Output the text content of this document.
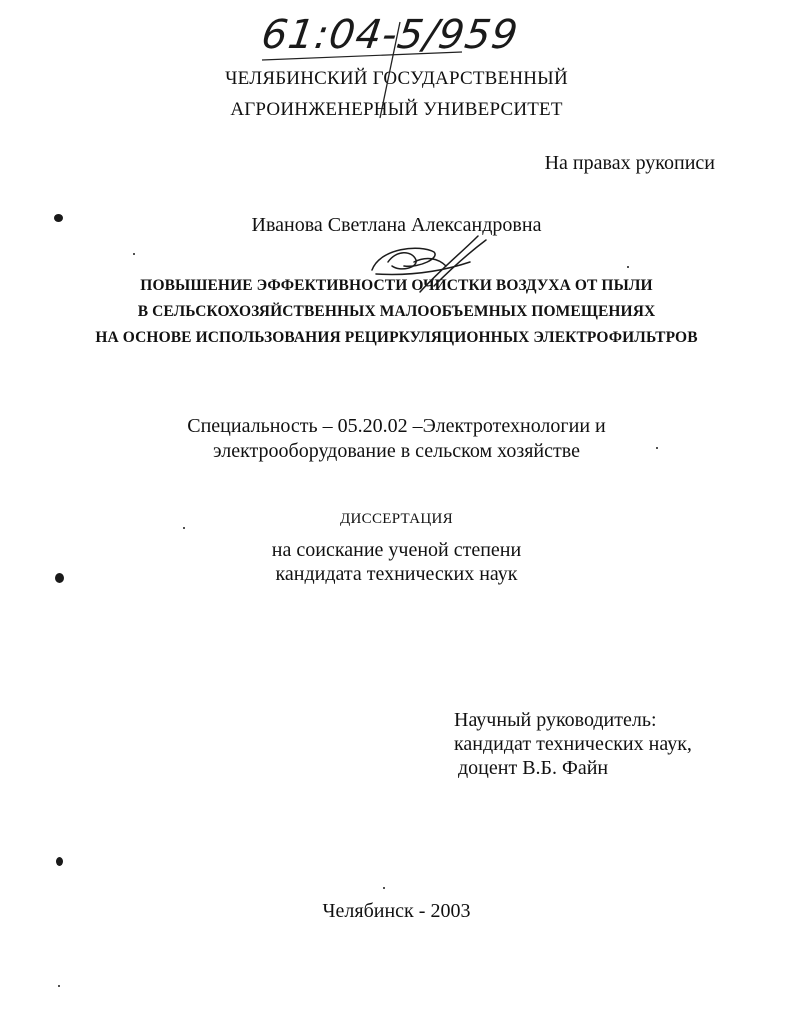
61:04-5/959
ЧЕЛЯБИНСКИЙ ГОСУДАРСТВЕННЫЙ
АГРОИНЖЕНЕРНЫЙ УНИВЕРСИТЕТ
На правах рукописи
Иванова Светлана Александровна
ПОВЫШЕНИЕ ЭФФЕКТИВНОСТИ ОЧИСТКИ ВОЗДУХА ОТ ПЫЛИ
В СЕЛЬСКОХОЗЯЙСТВЕННЫХ МАЛООБЪЕМНЫХ ПОМЕЩЕНИЯХ
НА ОСНОВЕ ИСПОЛЬЗОВАНИЯ РЕЦИРКУЛЯЦИОННЫХ ЭЛЕКТРОФИЛЬТРОВ
Специальность – 05.20.02 –Электротехнологии и
электрооборудование в сельском хозяйстве
ДИССЕРТАЦИЯ
на соискание ученой степени
кандидата технических наук
Научный руководитель:
кандидат технических наук,
доцент В.Б. Файн
Челябинск - 2003
